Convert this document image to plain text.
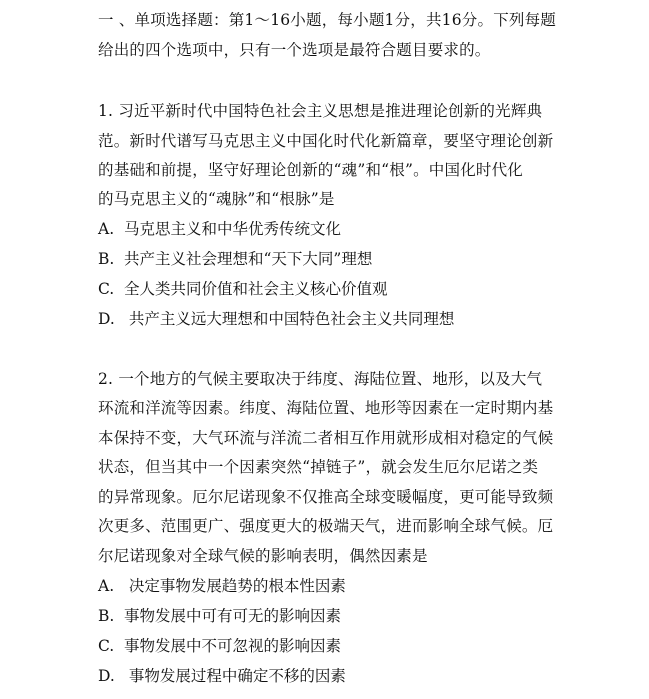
一 、单项选择题：第1～16小题，每小题1分，共16分。下列每题
给出的四个选项中，只有一个选项是最符合题目要求的。
1. 习近平新时代中国特色社会主义思想是推进理论创新的光辉典
范。新时代谱写马克思主义中国化时代化新篇章，要坚守理论创新
的基础和前提，坚守好理论创新的“魂”和“根”。中国化时代化
的马克思主义的“魂脉”和“根脉”是
A. 马克思主义和中华优秀传统文化
B. 共产主义社会理想和“天下大同”理想
C. 全人类共同价值和社会主义核心价值观
D. 共产主义远大理想和中国特色社会主义共同理想
2. 一个地方的气候主要取决于纬度、海陆位置、地形，以及大气
环流和洋流等因素。纬度、海陆位置、地形等因素在一定时期内基
本保持不变，大气环流与洋流二者相互作用就形成相对稳定的气候
状态，但当其中一个因素突然“掉链子”，就会发生厄尔尼诺之类
的异常现象。厄尔尼诺现象不仅推高全球变暖幅度，更可能导致频
次更多、范围更广、强度更大的极端天气，进而影响全球气候。厄
尔尼诺现象对全球气候的影响表明，偶然因素是
A. 决定事物发展趋势的根本性因素
B. 事物发展中可有可无的影响因素
C. 事物发展中不可忽视的影响因素
D. 事物发展过程中确定不移的因素
